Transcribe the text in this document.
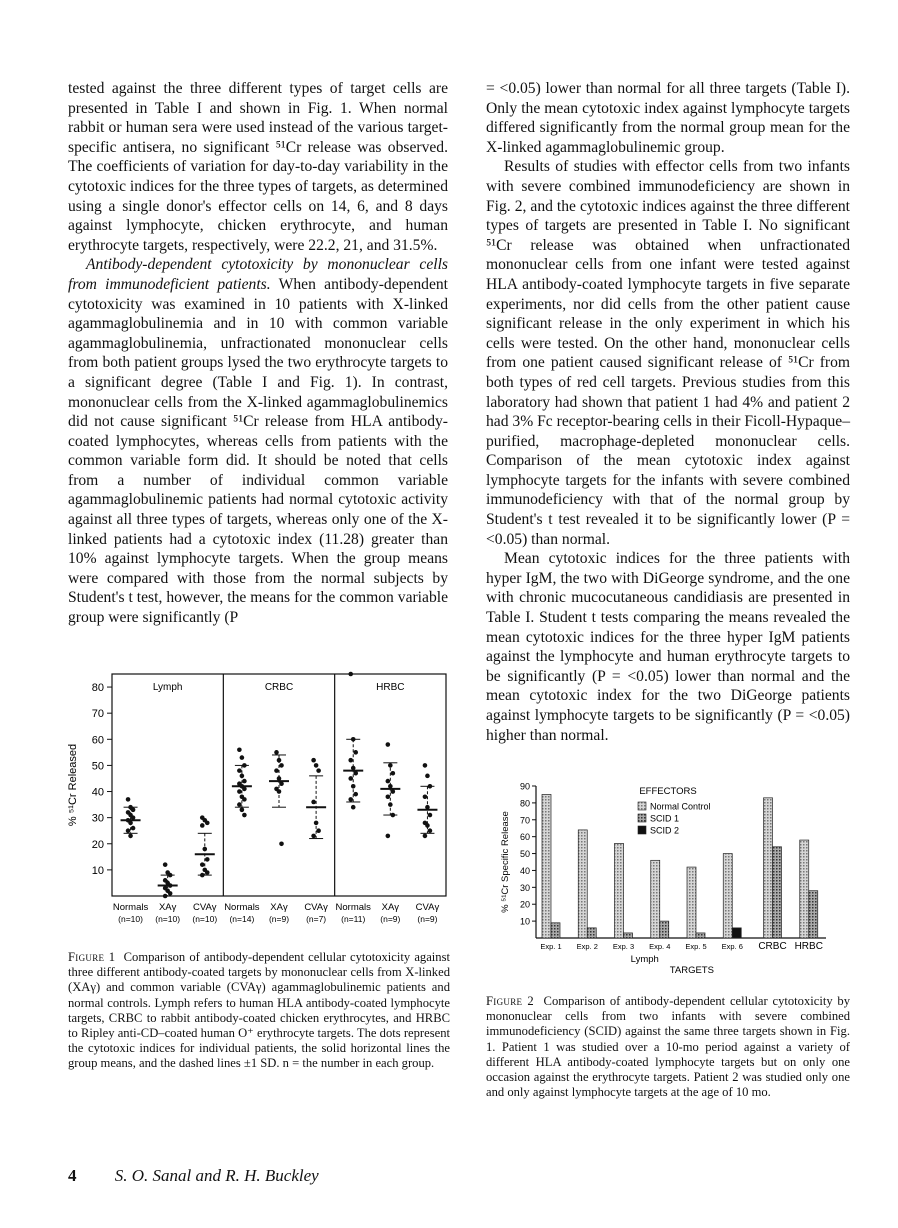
tested against the three different types of target cells are presented in Table I and shown in Fig. 1. When normal rabbit or human sera were used instead of the various target-specific antisera, no significant ⁵¹Cr release was observed. The coefficients of variation for day-to-day variability in the cytotoxic indices for the three types of targets, as determined using a single donor's effector cells on 14, 6, and 8 days against lymphocyte, chicken erythrocyte, and human erythrocyte targets, respectively, were 22.2, 21, and 31.5%.

Antibody-dependent cytotoxicity by mononuclear cells from immunodeficient patients. When antibody-dependent cytotoxicity was examined in 10 patients with X-linked agammaglobulinemia and in 10 with common variable agammaglobulinemia, unfractionated mononuclear cells from both patient groups lysed the two erythrocyte targets to a significant degree (Table I and Fig. 1). In contrast, mononuclear cells from the X-linked agammaglobulinemics did not cause significant ⁵¹Cr release from HLA antibody-coated lymphocytes, whereas cells from patients with the common variable form did. It should be noted that cells from a number of individual common variable agammaglobulinemic patients had normal cytotoxic activity against all three types of targets, whereas only one of the X-linked patients had a cytotoxic index (11.28) greater than 10% against lymphocyte targets. When the group means were compared with those from the normal subjects by Student's t test, however, the means for the common variable group were significantly (P

= <0.05) lower than normal for all three targets (Table I). Only the mean cytotoxic index against lymphocyte targets differed significantly from the normal group mean for the X-linked agammaglobulinemic group.

Results of studies with effector cells from two infants with severe combined immunodeficiency are shown in Fig. 2, and the cytotoxic indices against the three different types of targets are presented in Table I. No significant ⁵¹Cr release was obtained when unfractionated mononuclear cells from one infant were tested against HLA antibody-coated lymphocyte targets in five separate experiments, nor did cells from the other patient cause significant release in the only experiment in which his cells were tested. On the other hand, mononuclear cells from one patient caused significant release of ⁵¹Cr from both types of red cell targets. Previous studies from this laboratory had shown that patient 1 had 4% and patient 2 had 3% Fc receptor-bearing cells in their Ficoll-Hypaque–purified, macrophage-depleted mononuclear cells. Comparison of the mean cytotoxic index against lymphocyte targets for the infants with severe combined immunodeficiency with that of the normal group by Student's t test revealed it to be significantly lower (P = <0.05) than normal.

Mean cytotoxic indices for the three patients with hyper IgM, the two with DiGeorge syndrome, and the one with chronic mucocutaneous candidiasis are presented in Table I. Student t tests comparing the means revealed the mean cytotoxic indices for the three hyper IgM patients against the lymphocyte and human erythrocyte targets to be significantly (P = <0.05) lower than normal and the mean cytotoxic index for the two DiGeorge patients against lymphocyte targets to be significantly (P = <0.05) higher than normal.

10
20
30
40
50
60
70
80
% ⁵¹Cr Released
Lymph	CRBC	HRBC
Normals
(n=10)
XAγ
(n=10)
CVAγ
(n=10)
Normals
(n=14)
XAγ
(n=9)
CVAγ
(n=7)
Normals
(n=11)
XAγ
(n=9)
CVAγ
(n=9)
Figure 1 Comparison of antibody-dependent cellular cytotoxicity against three different antibody-coated targets by mononuclear cells from X-linked (XAγ) and common variable (CVAγ) agammaglobulinemic patients and normal controls. Lymph refers to human HLA antibody-coated lymphocyte targets, CRBC to rabbit antibody-coated chicken erythrocytes, and HRBC to Ripley anti-CD–coated human O⁺ erythrocyte targets. The dots represent the cytotoxic indices for individual patients, the solid horizontal lines the group means, and the dashed lines ±1 SD. n = the number in each group.
10
20
30
40
50
60
70
80
90
% ⁵¹Cr Specific Release
Exp. 1 Exp. 2 Exp. 3 Exp. 4 Exp. 5 Exp. 6 CRBC HRBC
Lymph
TARGETS
EFFECTORS
Normal Control
SCID 1
SCID 2
Figure 2 Comparison of antibody-dependent cellular cytotoxicity by mononuclear cells from two infants with severe combined immunodeficiency (SCID) against the same three targets shown in Fig. 1. Patient 1 was studied over a 10-mo period against a variety of different HLA antibody-coated lymphocyte targets but on only one occasion against the erythrocyte targets. Patient 2 was studied only one and only against lymphocyte targets at the age of 10 mo.
4 S. O. Sanal and R. H. Buckley
